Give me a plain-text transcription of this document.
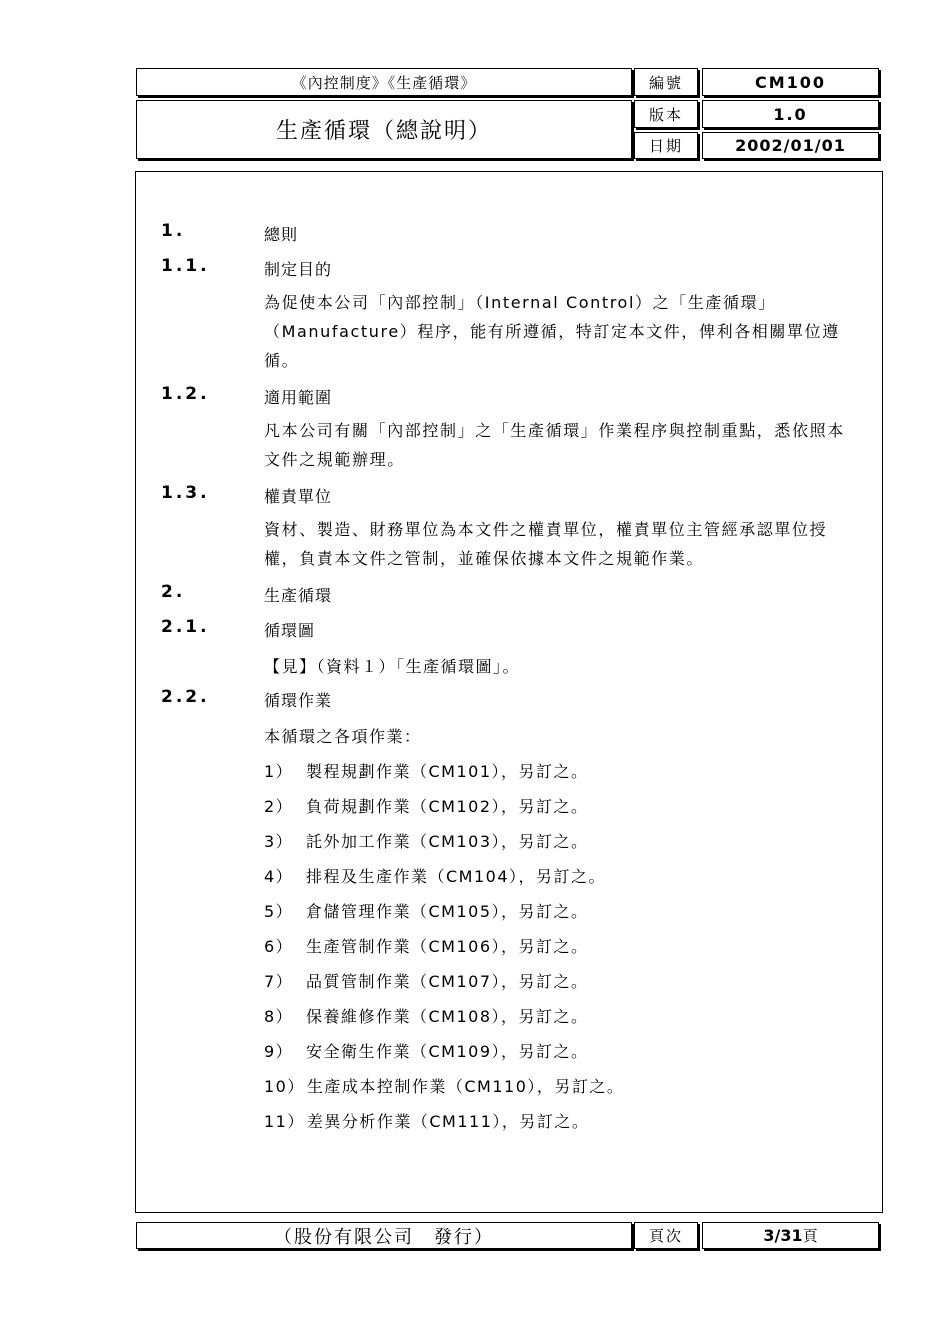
《內控制度》《生產循環》
生產循環（總說明）
編號	CM100
版本	1.0
日期	2002/01/01
1.	總則
1.1.	制定目的
為促使本公司「內部控制」（Internal Control）之「生產循環」（Manufacture）程序，能有所遵循，特訂定本文件，俾利各相關單位遵循。
1.2.	適用範圍
凡本公司有關「內部控制」之「生產循環」作業程序與控制重點，悉依照本文件之規範辦理。
1.3.	權責單位
資材、製造、財務單位為本文件之權責單位，權責單位主管經承認單位授權，負責本文件之管制，並確保依據本文件之規範作業。
2.	生產循環
2.1.	循環圖
【見】（資料１）「生產循環圖」。
2.2.	循環作業
本循環之各項作業：
1） 製程規劃作業（CM101），另訂之。
2） 負荷規劃作業（CM102），另訂之。
3） 託外加工作業（CM103），另訂之。
4） 排程及生產作業（CM104），另訂之。
5） 倉儲管理作業（CM105），另訂之。
6） 生產管制作業（CM106），另訂之。
7） 品質管制作業（CM107），另訂之。
8） 保養維修作業（CM108），另訂之。
9） 安全衛生作業（CM109），另訂之。
10） 生產成本控制作業（CM110），另訂之。
11） 差異分析作業（CM111），另訂之。
（股份有限公司　發行）	頁次	3/31 頁
